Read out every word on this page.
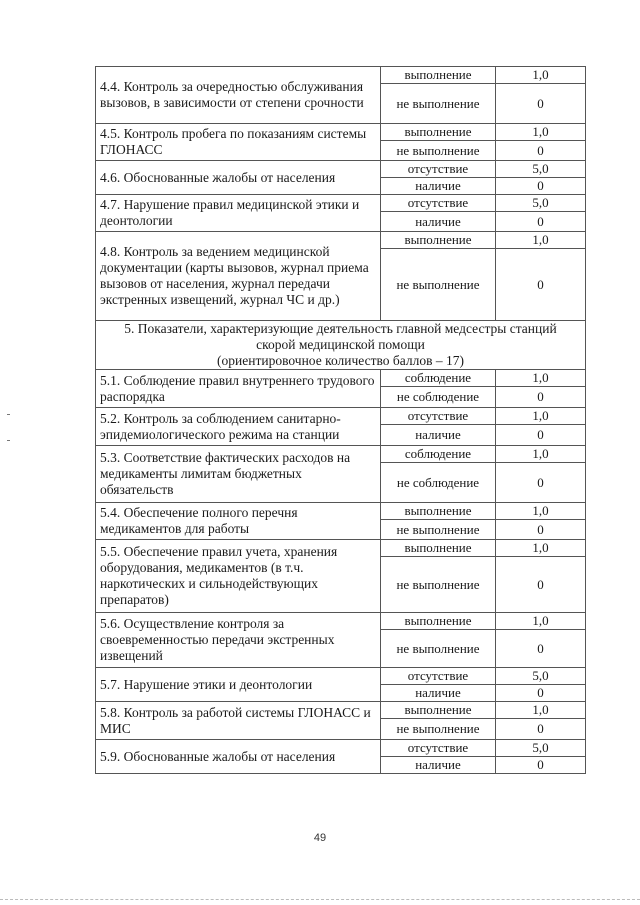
4.4. Контроль за очередностью обслуживания вызовов, в зависимости от степени срочности	выполнение	1,0
	не выполнение	0
4.5. Контроль пробега по показаниям системы ГЛОНАСС	выполнение	1,0
	не выполнение	0
4.6. Обоснованные жалобы от населения	отсутствие	5,0
	наличие	0
4.7. Нарушение правил медицинской этики и деонтологии	отсутствие	5,0
	наличие	0
4.8. Контроль за ведением медицинской документации (карты вызовов, журнал приема вызовов от населения, журнал передачи экстренных извещений, журнал ЧС и др.)	выполнение	1,0
	не выполнение	0

5. Показатели, характеризующие деятельность главной медсестры станций
скорой медицинской помощи
(ориентировочное количество баллов – 17)		

5.1. Соблюдение правил внутреннего трудового распорядка	соблюдение	1,0
	не соблюдение	0
5.2. Контроль за соблюдением санитарно-эпидемиологического режима на станции	отсутствие	1,0
	наличие	0
5.3. Соответствие фактических расходов на медикаменты лимитам бюджетных обязательств	соблюдение	1,0
	не соблюдение	0
5.4. Обеспечение полного перечня медикаментов для работы	выполнение	1,0
	не выполнение	0
5.5. Обеспечение правил учета, хранения оборудования, медикаментов (в т.ч. наркотических и сильнодействующих препаратов)	выполнение	1,0
	не выполнение	0
5.6. Осуществление контроля за своевременностью передачи экстренных извещений	выполнение	1,0
	не выполнение	0
5.7. Нарушение этики и деонтологии	отсутствие	5,0
	наличие	0
5.8. Контроль за работой системы ГЛОНАСС и МИС	выполнение	1,0
	не выполнение	0
5.9. Обоснованные жалобы от населения	отсутствие	5,0
	наличие	0
49
